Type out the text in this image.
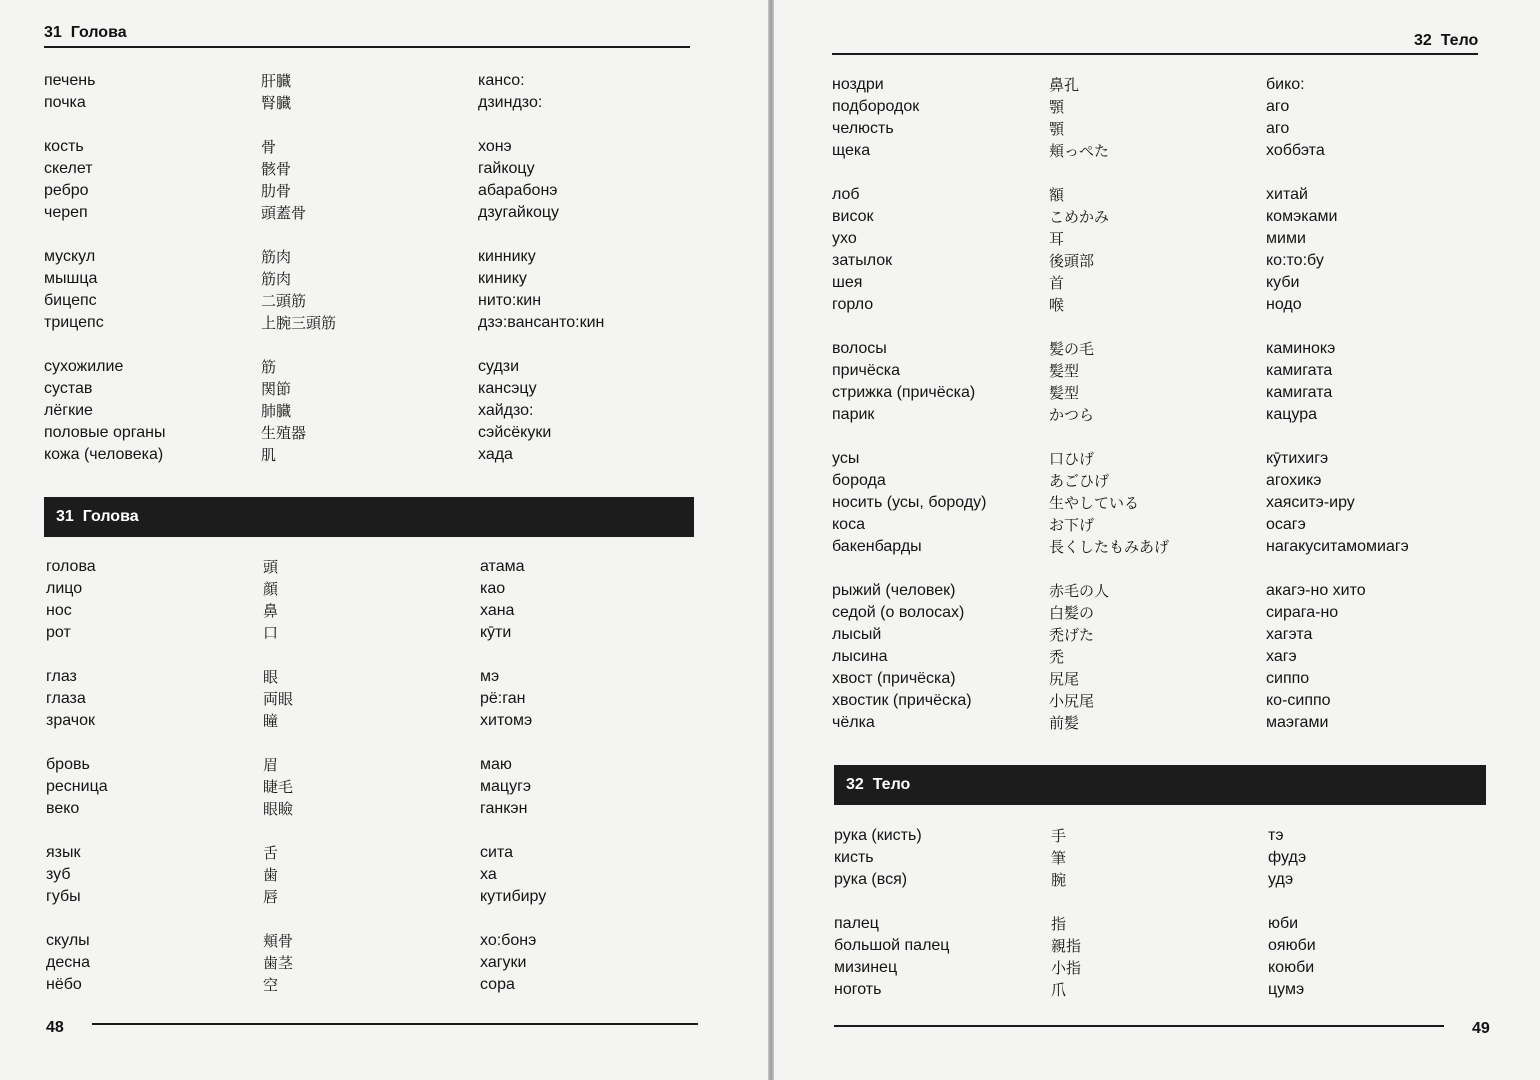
31 Голова
печень	肝臓	кансо:
почка	腎臓	дзиндзо:
кость	骨	хонэ
скелет	骸骨	гайкоцу
ребро	肋骨	абарабонэ
череп	頭蓋骨	дзугайкоцу
мускул	筋肉	киннику
мышца	筋肉	кинику
бицепс	二頭筋	нито:кин
трицепс	上腕三頭筋	дзэ:вансанто:кин
сухожилие	筋	судзи
сустав	関節	кансэцу
лёгкие	肺臓	хайдзо:
половые органы	生殖器	сэйсёкуки
кожа (человека)	肌	хада
31 Голова
голова	頭	атама
лицо	顔	као
нос	鼻	хана
рот	口	кӯти
глаз	眼	мэ
глаза	両眼	рё:ган
зрачок	瞳	хитомэ
бровь	眉	маю
ресница	睫毛	мацугэ
веко	眼瞼	ганкэн
язык	舌	сита
зуб	歯	ха
губы	唇	кутибиру
скулы	頬骨	хо:бонэ
десна	歯茎	хагуки
нёбо	空	сора
48
32 Тело
ноздри	鼻孔	бико:
подбородок	顎	аго
челюсть	顎	аго
щека	頬っぺた	хоббэта
лоб	額	хитай
висок	こめかみ	комэками
ухо	耳	мими
затылок	後頭部	ко:то:бу
шея	首	куби
горло	喉	нодо
волосы	髪の毛	каминокэ
причёска	髪型	камигата
стрижка (причёска)	髪型	камигата
парик	かつら	кацура
усы	口ひげ	кӯтихигэ
борода	あごひげ	агохикэ
носить (усы, бороду)	生やしている	хаяситэ-иру
коса	お下げ	осагэ
бакенбарды	長くしたもみあげ	нагакуситамомиагэ
рыжий (человек)	赤毛の人	акагэ-но хито
седой (о волосах)	白髪の	сирага-но
лысый	禿げた	хагэта
лысина	禿	хагэ
хвост (причёска)	尻尾	сиппо
хвостик (причёска)	小尻尾	ко-сиппо
чёлка	前髪	маэгами
32 Тело
рука (кисть)	手	тэ
кисть	筆	фудэ
рука (вся)	腕	удэ
палец	指	юби
большой палец	親指	ояюби
мизинец	小指	коюби
ноготь	爪	цумэ
49
